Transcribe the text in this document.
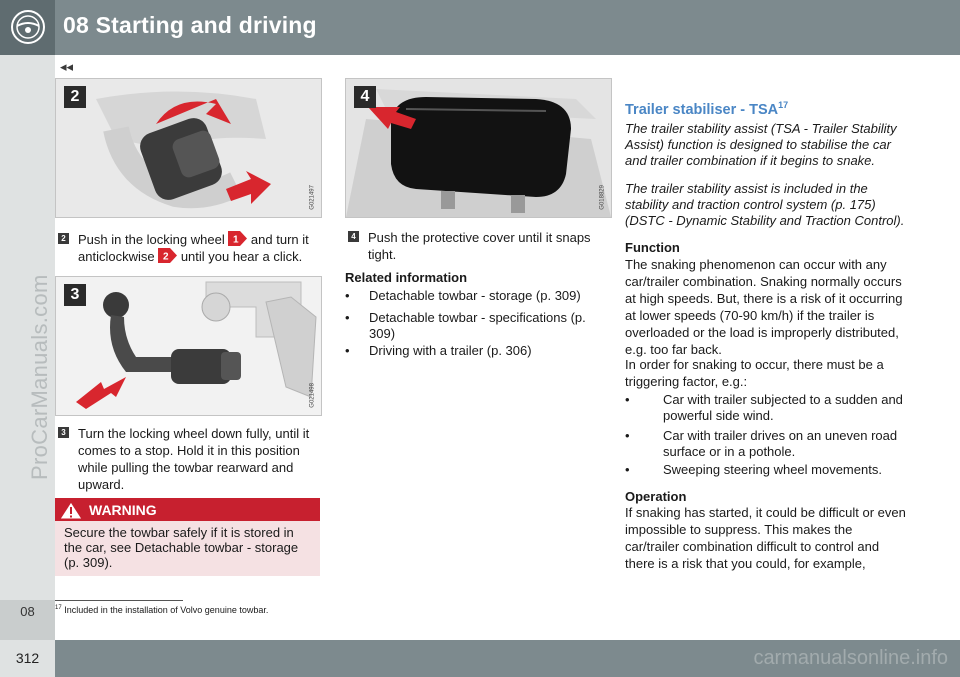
08 Starting and driving
◂◂
08
ProCarManuals.com
2
G021497
2 Push in the locking wheel 1 and turn it
anticlockwise 2 until you hear a click.
3
G021498
3 Turn the locking wheel down fully, until it comes to a stop. Hold it in this position while pulling the towbar rearward and upward.
WARNING
Secure the towbar safely if it is stored in the car, see Detachable towbar - storage (p. 309).
4
G018829
4 Push the protective cover until it snaps tight.
Related information
• Detachable towbar - storage (p. 309)
• Detachable towbar - specifications (p. 309)
• Driving with a trailer (p. 306)
Trailer stabiliser - TSA$^{17}$
The trailer stability assist (TSA - Trailer Stability Assist) function is designed to stabilise the car and trailer combination if it begins to snake.
The trailer stability assist is included in the stability and traction control system (p. 175) (DSTC - Dynamic Stability and Traction Control).
Function
The snaking phenomenon can occur with any car/trailer combination. Snaking normally occurs at high speeds. But, there is a risk of it occurring at lower speeds (70-90 km/h) if the trailer is overloaded or the load is improperly distributed, e.g. too far back.
In order for snaking to occur, there must be a triggering factor, e.g.:
•	Car with trailer subjected to a sudden and powerful side wind.
•	Car with trailer drives on an uneven road surface or in a pothole.
•	Sweeping steering wheel movements.
Operation
If snaking has started, it could be difficult or even impossible to suppress. This makes the car/trailer combination difficult to control and there is a risk that you could, for example,
$^{17}$ Included in the installation of Volvo genuine towbar.
312	carmanualsonline.info
